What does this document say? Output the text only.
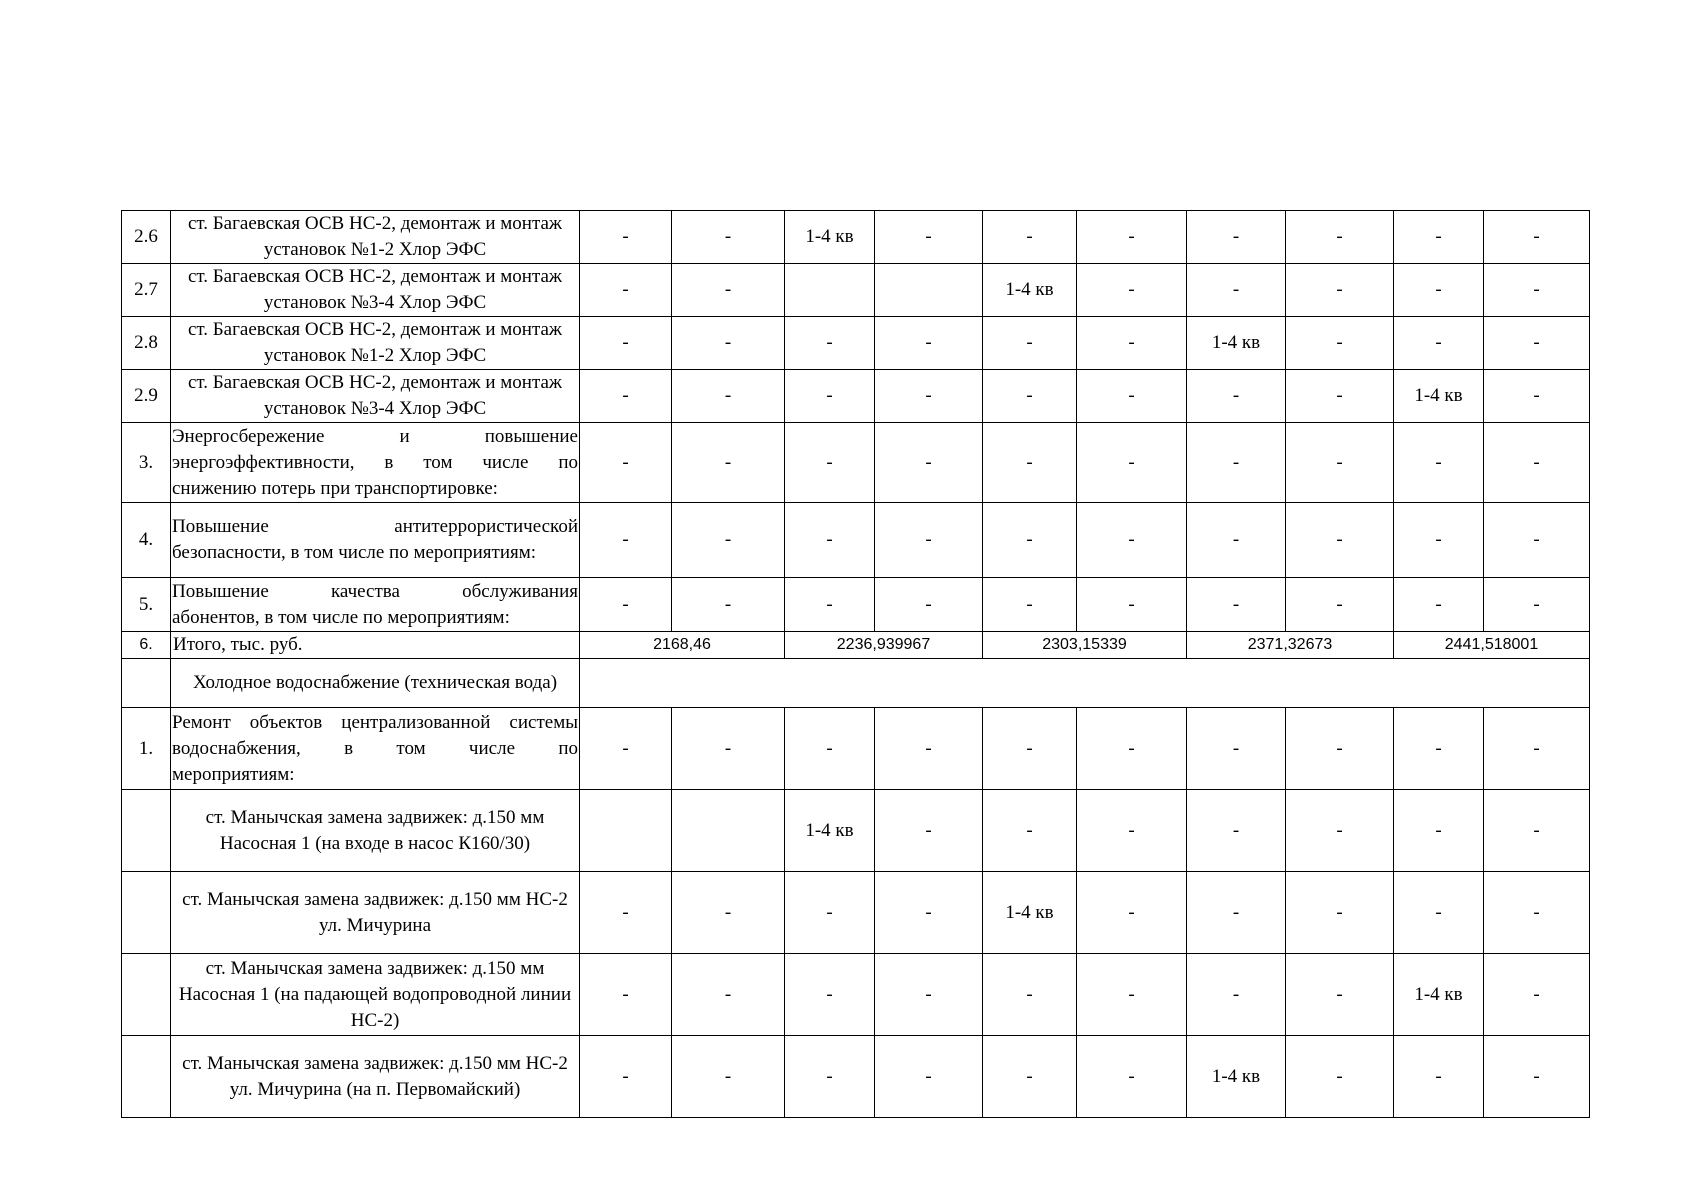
2.6	ст. Багаевская ОСВ НС-2, демонтаж и монтаж установок №1-2 Хлор ЭФС	-	-	1-4 кв	-	-	-	-	-	-	-
2.7	ст. Багаевская ОСВ НС-2, демонтаж и монтаж установок №3-4 Хлор ЭФС	-	-			1-4 кв	-	-	-	-	-
2.8	ст. Багаевская ОСВ НС-2, демонтаж и монтаж установок №1-2 Хлор ЭФС	-	-	-	-	-	-	1-4 кв	-	-	-
2.9	ст. Багаевская ОСВ НС-2, демонтаж и монтаж установок №3-4 Хлор ЭФС	-	-	-	-	-	-	-	-	1-4 кв	-
3.	Энергосбережение и повышение
энергоэффективности, в том числе по
снижению потерь при транспортировке:	-	-	-	-	-	-	-	-	-	-
4.	Повышение антитеррористической
безопасности, в том числе по мероприятиям:	-	-	-	-	-	-	-	-	-	-
5.	Повышение качества обслуживания
абонентов, в том числе по мероприятиям:	-	-	-	-	-	-	-	-	-	-
6.	Итого, тыс. руб.	2168,46		2236,939967		2303,15339		2371,32673		2441,518001	
	Холодное водоснабжение (техническая вода)										
1.	Ремонт объектов централизованной системы
водоснабжения, в том числе по
мероприятиям:	-	-	-	-	-	-	-	-	-	-
	ст. Манычская замена задвижек: д.150 мм Насосная 1 (на входе в насос К160/30)			1-4 кв	-	-	-	-	-	-	-
	ст. Манычская замена задвижек: д.150 мм НС-2 ул. Мичурина	-	-	-	-	1-4 кв	-	-	-	-	-
	ст. Манычская замена задвижек: д.150 мм Насосная 1 (на падающей водопроводной линии НС-2)	-	-	-	-	-	-	-	-	1-4 кв	-
	ст. Манычская замена задвижек: д.150 мм НС-2 ул. Мичурина (на п. Первомайский)	-	-	-	-	-	-	1-4 кв	-	-	-
